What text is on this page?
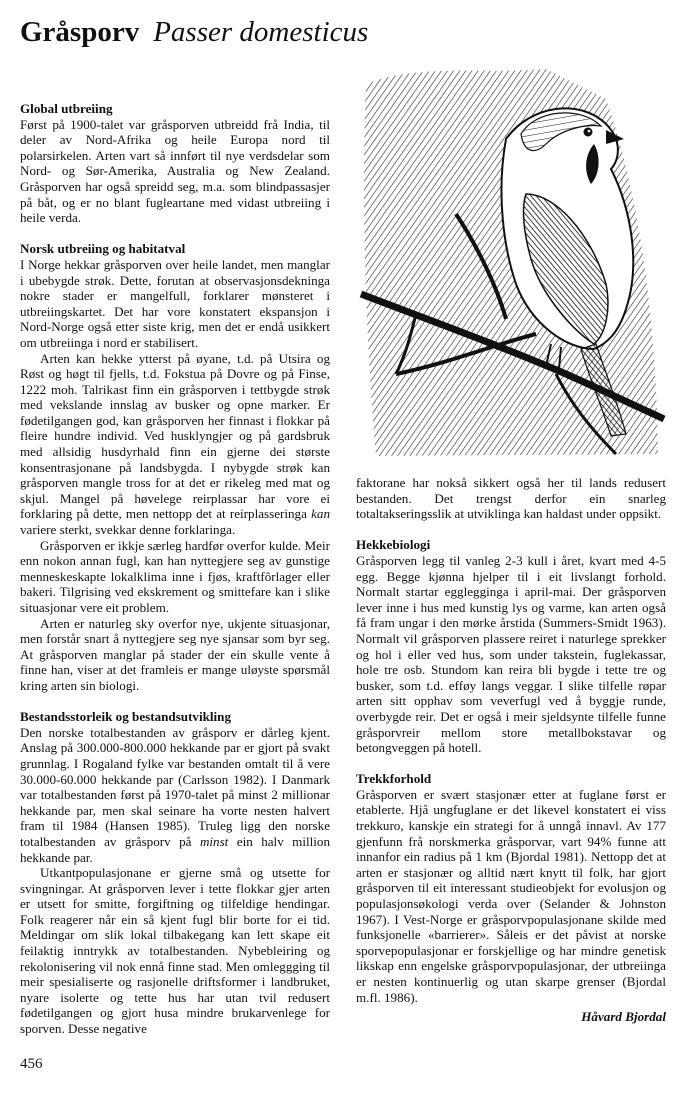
Gråsporv Passer domesticus
Global utbreiing

Først på 1900-talet var gråsporven utbreidd frå India, til deler av Nord-Afrika og heile Europa nord til polarsirkelen. Arten vart så innført til nye verdsdelar som Nord- og Sør-Amerika, Australia og New Zealand. Gråsporven har også spreidd seg, m.a. som blindpassasjer på båt, og er no blant fugleartane med vidast utbreiing i heile verda.

Norsk utbreiing og habitatval

I Norge hekkar gråsporven over heile landet, men manglar i ubebygde strøk. Dette, forutan at observasjonsdekninga nokre stader er mangelfull, forklarer mønsteret i utbreiingskartet. Det har vore konstatert ekspansjon i Nord-Norge også etter siste krig, men det er endå usikkert om utbreiinga i nord er stabilisert.

Arten kan hekke ytterst på øyane, t.d. på Utsira og Røst og høgt til fjells, t.d. Fokstua på Dovre og på Finse, 1222 moh. Talrikast finn ein gråsporven i tettbygde strøk med vekslande innslag av busker og opne marker. Er fødetilgangen god, kan gråsporven her finnast i flokkar på fleire hundre individ. Ved husklyngjer og på gardsbruk med allsidig husdyrhald finn ein gjerne dei største konsentrasjonane på landsbygda. I nybygde strøk kan gråsporven mangle tross for at det er rikeleg med mat og skjul. Mangel på høvelege reirplassar har vore ei forklaring på dette, men nettopp det at reirplasseringa kan variere sterkt, svekkar denne forklaringa.

Gråsporven er ikkje særleg hardfør overfor kulde. Meir enn nokon annan fugl, kan han nyttegjere seg av gunstige menneskeskapte lokalklima inne i fjøs, kraftfôrlager eller bakeri. Tilgrising ved ekskrement og smittefare kan i slike situasjonar vere eit problem.

Arten er naturleg sky overfor nye, ukjente situasjonar, men forstår snart å nyttegjere seg nye sjansar som byr seg. At gråsporven manglar på stader der ein skulle vente å finne han, viser at det framleis er mange uløyste spørsmål kring arten sin biologi.

Bestandsstorleik og bestandsutvikling

Den norske totalbestanden av gråsporv er dårleg kjent. Anslag på 300.000-800.000 hekkande par er gjort på svakt grunnlag. I Rogaland fylke var bestanden omtalt til å vere 30.000-60.000 hekkande par (Carlsson 1982). I Danmark var totalbestanden først på 1970-talet på minst 2 millionar hekkande par, men skal seinare ha vorte nesten halvert fram til 1984 (Hansen 1985). Truleg ligg den norske totalbestanden av gråsporv på minst ein halv million hekkande par.

Utkantpopulasjonane er gjerne små og utsette for svingningar. At gråsporven lever i tette flokkar gjer arten er utsett for smitte, forgiftning og tilfeldige hendingar. Folk reagerer når ein så kjent fugl blir borte for ei tid. Meldingar om slik lokal tilbakegang kan lett skape eit feilaktig inntrykk av totalbestanden. Nybebleiring og rekolonisering vil nok ennå finne stad. Men omleggging til meir spesialiserte og rasjonelle driftsformer i landbruket, nyare isolerte og tette hus har utan tvil redusert fødetilgangen og gjort husa mindre brukarvenlege for sporven. Desse negative

faktorane har nokså sikkert også her til lands redusert bestanden. Det trengst derfor ein snarleg totaltakseringsslik at utviklinga kan haldast under oppsikt.

Hekkebiologi

Gråsporven legg til vanleg 2-3 kull i året, kvart med 4-5 egg. Begge kjønna hjelper til i eit livslangt forhold. Normalt startar egglegginga i april-mai. Der gråsporven lever inne i hus med kunstig lys og varme, kan arten også få fram ungar i den mørke årstida (Summers-Smidt 1963). Normalt vil gråsporven plassere reiret i naturlege sprekker og hol i eller ved hus, som under takstein, fuglekassar, hole tre osb. Stundom kan reira bli bygde i tette tre og busker, som t.d. efføy langs veggar. I slike tilfelle røpar arten sitt opphav som veverfugl ved å byggje runde, overbygde reir. Det er også i meir sjeldsynte tilfelle funne gråsporvreir mellom store metallbokstavar og betongveggen på hotell.

Trekkforhold

Gråsporven er svært stasjonær etter at fuglane først er etablerte. Hjå ungfuglane er det likevel konstatert ei viss trekkuro, kanskje ein strategi for å unngå innavl. Av 177 gjenfunn frå norskmerka gråsporvar, vart 94% funne att innanfor ein radius på 1 km (Bjordal 1981). Nettopp det at arten er stasjonær og alltid nært knytt til folk, har gjort gråsporven til eit interessant studieobjekt for evolusjon og populasjonsøkologi verda over (Selander & Johnston 1967). I Vest-Norge er gråsporvpopulasjonane skilde med funksjonelle «barrierer». Såleis er det påvist at norske sporvepopulasjonar er forskjellige og har mindre genetisk likskap enn engelske gråsporvpopulasjonar, der utbreiinga er nesten kontinuerlig og utan skarpe grenser (Bjordal m.fl. 1986).

Håvard Bjordal
456
